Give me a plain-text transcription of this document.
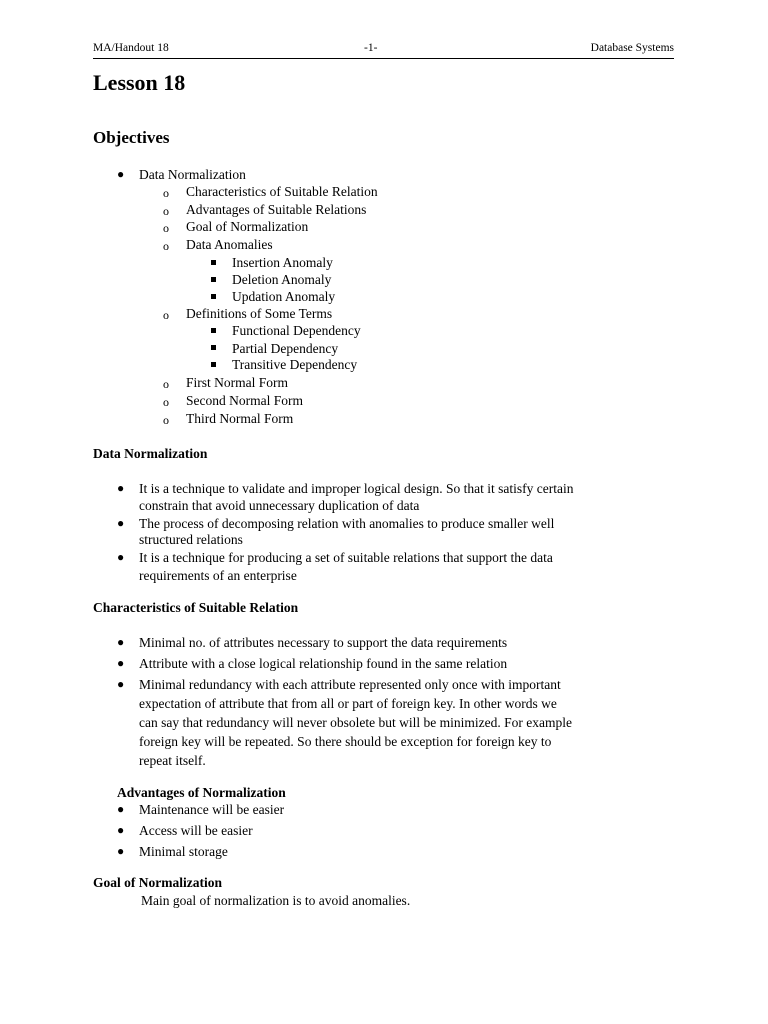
MA/Handout 18	-1-	Database Systems
Lesson 18
Objectives
● Data Normalization
o Characteristics of Suitable Relation
o Advantages of Suitable Relations
o Goal of Normalization
o Data Anomalies
Insertion Anomaly
Deletion Anomaly
Updation Anomaly
o Definitions of Some Terms
Functional Dependency
Partial Dependency
Transitive Dependency
o First Normal Form
o Second Normal Form
o Third Normal Form
Data Normalization
● It is a technique to validate and improper logical design. So that it satisfy certain
constrain that avoid unnecessary duplication of data
● The process of decomposing relation with anomalies to produce smaller well
structured relations
● It is a technique for producing a set of suitable relations that support the data
requirements of an enterprise
Characteristics of Suitable Relation
● Minimal no. of attributes necessary to support the data requirements
● Attribute with a close logical relationship found in the same relation
● Minimal redundancy with each attribute represented only once with important
expectation of attribute that from all or part of foreign key. In other words we
can say that redundancy will never obsolete but will be minimized. For example
foreign key will be repeated. So there should be exception for foreign key to
repeat itself.
Advantages of Normalization
● Maintenance will be easier
● Access will be easier
● Minimal storage
Goal of Normalization
Main goal of normalization is to avoid anomalies.
